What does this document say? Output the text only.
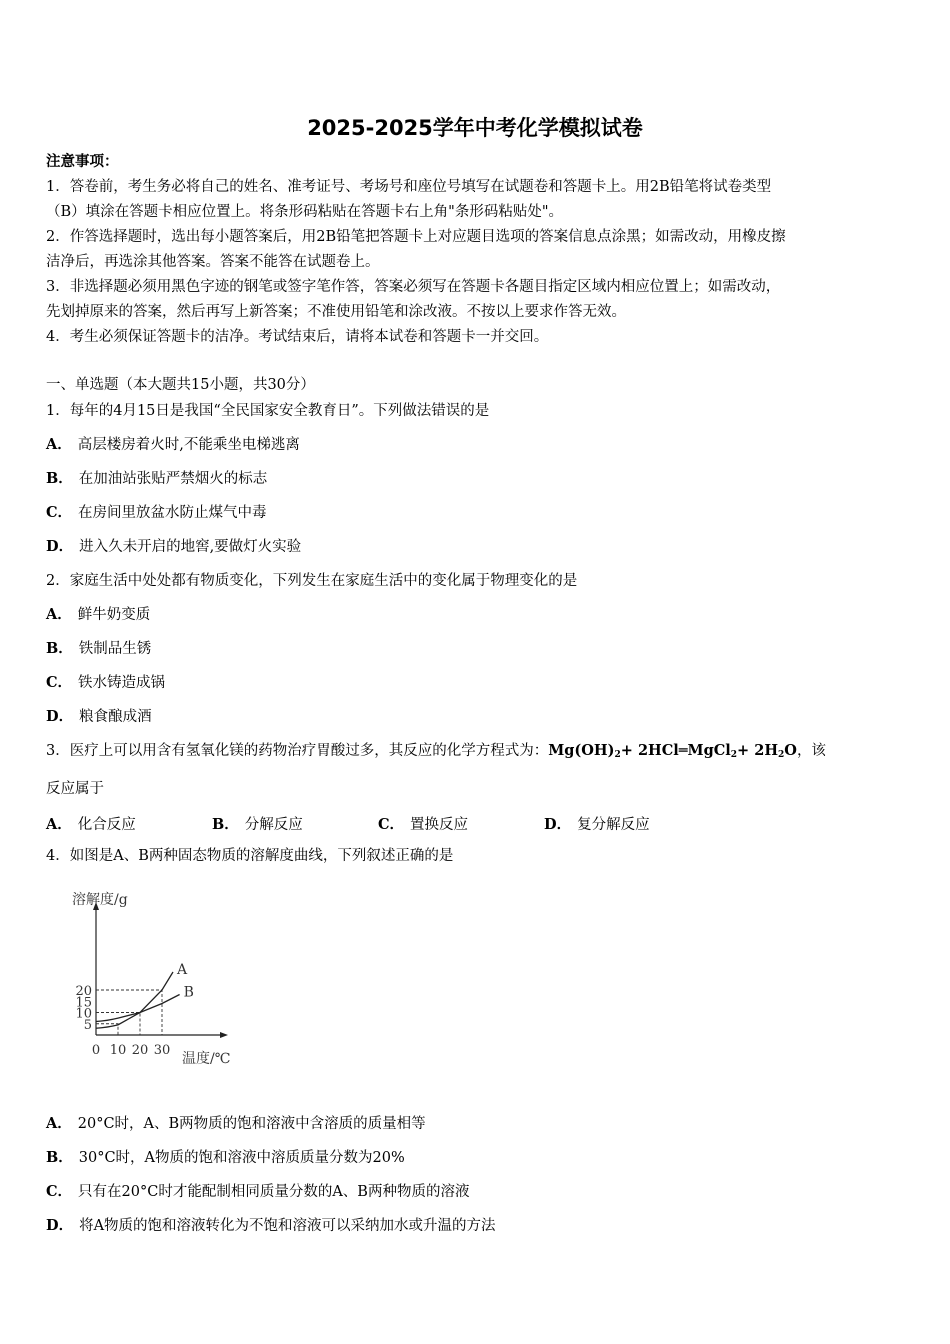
2025-2025学年中考化学模拟试卷
注意事项：
1．答卷前，考生务必将自己的姓名、准考证号、考场号和座位号填写在试题卷和答题卡上。用2B铅笔将试卷类型
（B）填涂在答题卡相应位置上。将条形码粘贴在答题卡右上角"条形码粘贴处"。
2．作答选择题时，选出每小题答案后，用2B铅笔把答题卡上对应题目选项的答案信息点涂黑；如需改动，用橡皮擦
洁净后，再选涂其他答案。答案不能答在试题卷上。
3．非选择题必须用黑色字迹的钢笔或签字笔作答，答案必须写在答题卡各题目指定区域内相应位置上；如需改动，
先划掉原来的答案，然后再写上新答案；不准使用铅笔和涂改液。不按以上要求作答无效。
4．考生必须保证答题卡的洁净。考试结束后，请将本试卷和答题卡一并交回。
一、单选题（本大题共15小题，共30分）
1．每年的4月15日是我国“全民国家安全教育日”。下列做法错误的是
A． 高层楼房着火时,不能乘坐电梯逃离
B． 在加油站张贴严禁烟火的标志
C． 在房间里放盆水防止煤气中毒
D． 进入久未开启的地窖,要做灯火实验
2．家庭生活中处处都有物质变化，下列发生在家庭生活中的变化属于物理变化的是
A． 鲜牛奶变质
B． 铁制品生锈
C． 铁水铸造成锅
D． 粮食酿成酒
3．医疗上可以用含有氢氧化镁的药物治疗胃酸过多，其反应的化学方程式为：$Mg(OH)_2+$ 2HCl═MgCl$_2$+ $2H_2O$，该
反应属于
A． 化合反应	B． 分解反应	C． 置换反应	D． 复分解反应
4．如图是A、B两种固态物质的溶解度曲线，下列叙述正确的是
溶解度/g
温度/℃
0 10 20 30
5
10
15
20
A
B
A． 20°C时，A、B两物质的饱和溶液中含溶质的质量相等
B． 30°C时，A物质的饱和溶液中溶质质量分数为20%
C． 只有在20°C时才能配制相同质量分数的A、B两种物质的溶液
D． 将A物质的饱和溶液转化为不饱和溶液可以采纳加水或升温的方法
